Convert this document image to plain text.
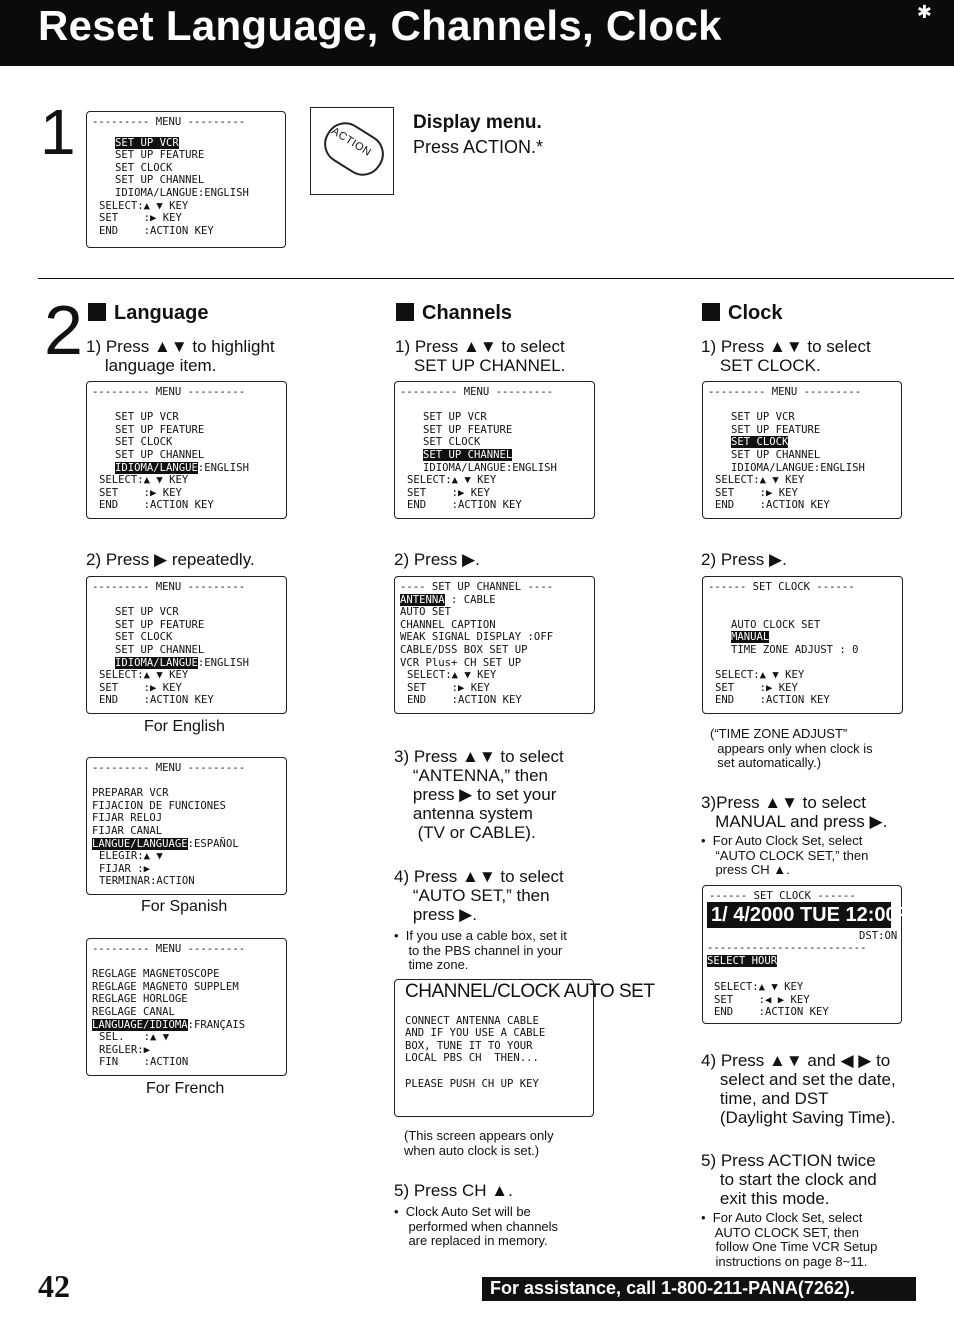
Reset Language, Channels, Clock	✱
1 --------- MENU ---------
SET UP VCR
SET UP FEATURE
SET CLOCK
SET UP CHANNEL
IDIOMA/LANGUE:ENGLISH
SELECT:▲ ▼ KEY
SET    :▶ KEY
END    :ACTION KEY
ACTION
Display menu.
Press ACTION.*
2	Language
1) Press ▲▼ to highlight
language item.
--------- MENU ---------
SET UP VCR
SET UP FEATURE
SET CLOCK
SET UP CHANNEL
IDIOMA/LANGUE:ENGLISH
SELECT:▲ ▼ KEY
SET    :▶ KEY
END    :ACTION KEY
2) Press ▶ repeatedly.
--------- MENU ---------
SET UP VCR
SET UP FEATURE
SET CLOCK
SET UP CHANNEL
IDIOMA/LANGUE:ENGLISH
SELECT:▲ ▼ KEY
SET    :▶ KEY
END    :ACTION KEY
For English
--------- MENU ---------
PREPARAR VCR
FIJACION DE FUNCIONES
FIJAR RELOJ
FIJAR CANAL
LANGUE/LANGUAGE:ESPAÑOL
ELEGIR:▲ ▼
FIJAR :▶
TERMINAR:ACTION
For Spanish
--------- MENU ---------
REGLAGE MAGNETOSCOPE
REGLAGE MAGNETO SUPPLEM
REGLAGE HORLOGE
REGLAGE CANAL
LANGUAGE/IDIOMA:FRANÇAIS
SEL.   :▲ ▼
REGLER:▶
FIN    :ACTION
For French
Channels
1) Press ▲▼ to select
SET UP CHANNEL.
--------- MENU ---------
SET UP VCR
SET UP FEATURE
SET CLOCK
SET UP CHANNEL
IDIOMA/LANGUE:ENGLISH
SELECT:▲ ▼ KEY
SET    :▶ KEY
END    :ACTION KEY
2) Press ▶.
---- SET UP CHANNEL ----
ANTENNA : CABLE
AUTO SET
CHANNEL CAPTION
WEAK SIGNAL DISPLAY :OFF
CABLE/DSS BOX SET UP
VCR Plus+ CH SET UP
SELECT:▲ ▼ KEY
SET    :▶ KEY
END    :ACTION KEY
3) Press ▲▼ to select
“ANTENNA,” then
press ▶ to set your
antenna system
(TV or CABLE).
4) Press ▲▼ to select
“AUTO SET,” then
press ▶.
•  If you use a cable box, set it
to the PBS channel in your
time zone.
CHANNEL/CLOCK AUTO SET
CONNECT ANTENNA CABLE
AND IF YOU USE A CABLE
BOX, TUNE IT TO YOUR
LOCAL PBS CH  THEN...
PLEASE PUSH CH UP KEY
(This screen appears only
when auto clock is set.)
5) Press CH ▲.
•  Clock Auto Set will be
performed when channels
are replaced in memory.
Clock
1) Press ▲▼ to select
SET CLOCK.
--------- MENU ---------
SET UP VCR
SET UP FEATURE
SET CLOCK
SET UP CHANNEL
IDIOMA/LANGUE:ENGLISH
SELECT:▲ ▼ KEY
SET    :▶ KEY
END    :ACTION KEY
2) Press ▶.
------ SET CLOCK ------
AUTO CLOCK SET
MANUAL
TIME ZONE ADJUST : 0
SELECT:▲ ▼ KEY
SET    :▶ KEY
END    :ACTION KEY
(“TIME ZONE ADJUST”
appears only when clock is
set automatically.)
3)Press ▲▼ to select
MANUAL and press ▶.
•  For Auto Clock Set, select
“AUTO CLOCK SET,” then
press CH ▲.
------ SET CLOCK ------
1/ 4/2000 TUE 12:00PM
DST:ON
-------------------------
SELECT HOUR
SELECT:▲ ▼ KEY
SET    :◀ ▶ KEY
END    :ACTION KEY
4) Press ▲▼ and ◀ ▶ to
select and set the date,
time, and DST
(Daylight Saving Time).
5) Press ACTION twice
to start the clock and
exit this mode.
•  For Auto Clock Set, select
AUTO CLOCK SET, then
follow One Time VCR Setup
instructions on page 8~11.
42	For assistance, call 1-800-211-PANA(7262).
